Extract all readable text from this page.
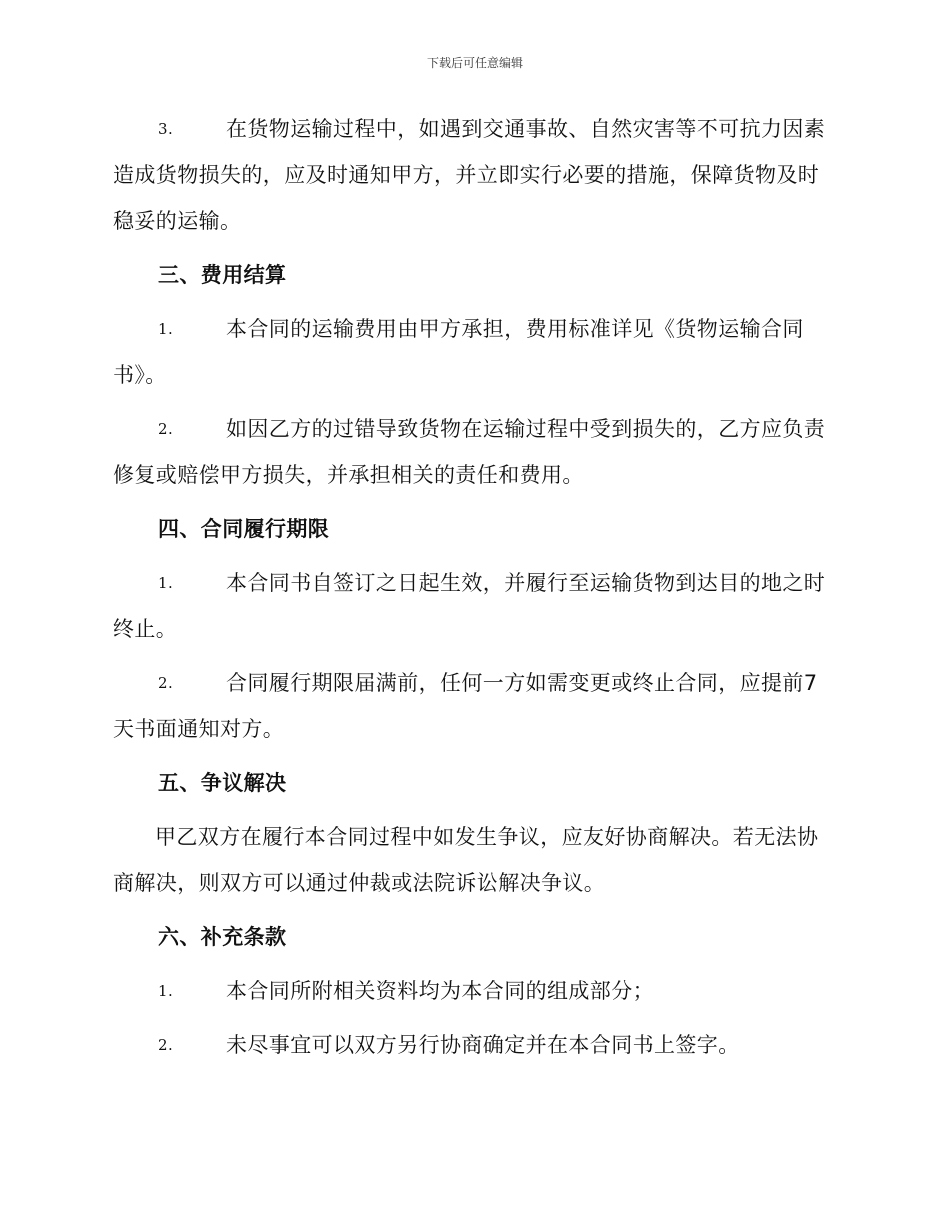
下载后可任意编辑

3.	在货物运输过程中，如遇到交通事故、自然灾害等不可抗力因素造成货物损失的，应及时通知甲方，并立即实行必要的措施，保障货物及时稳妥的运输。

三、费用结算

1.	本合同的运输费用由甲方承担，费用标准详见《货物运输合同书》。

2.	如因乙方的过错导致货物在运输过程中受到损失的，乙方应负责修复或赔偿甲方损失，并承担相关的责任和费用。

四、合同履行期限

1.	本合同书自签订之日起生效，并履行至运输货物到达目的地之时终止。

2.	合同履行期限届满前，任何一方如需变更或终止合同，应提前7天书面通知对方。

五、争议解决

甲乙双方在履行本合同过程中如发生争议，应友好协商解决。若无法协商解决，则双方可以通过仲裁或法院诉讼解决争议。

六、补充条款

1.	本合同所附相关资料均为本合同的组成部分；

2.	未尽事宜可以双方另行协商确定并在本合同书上签字。
